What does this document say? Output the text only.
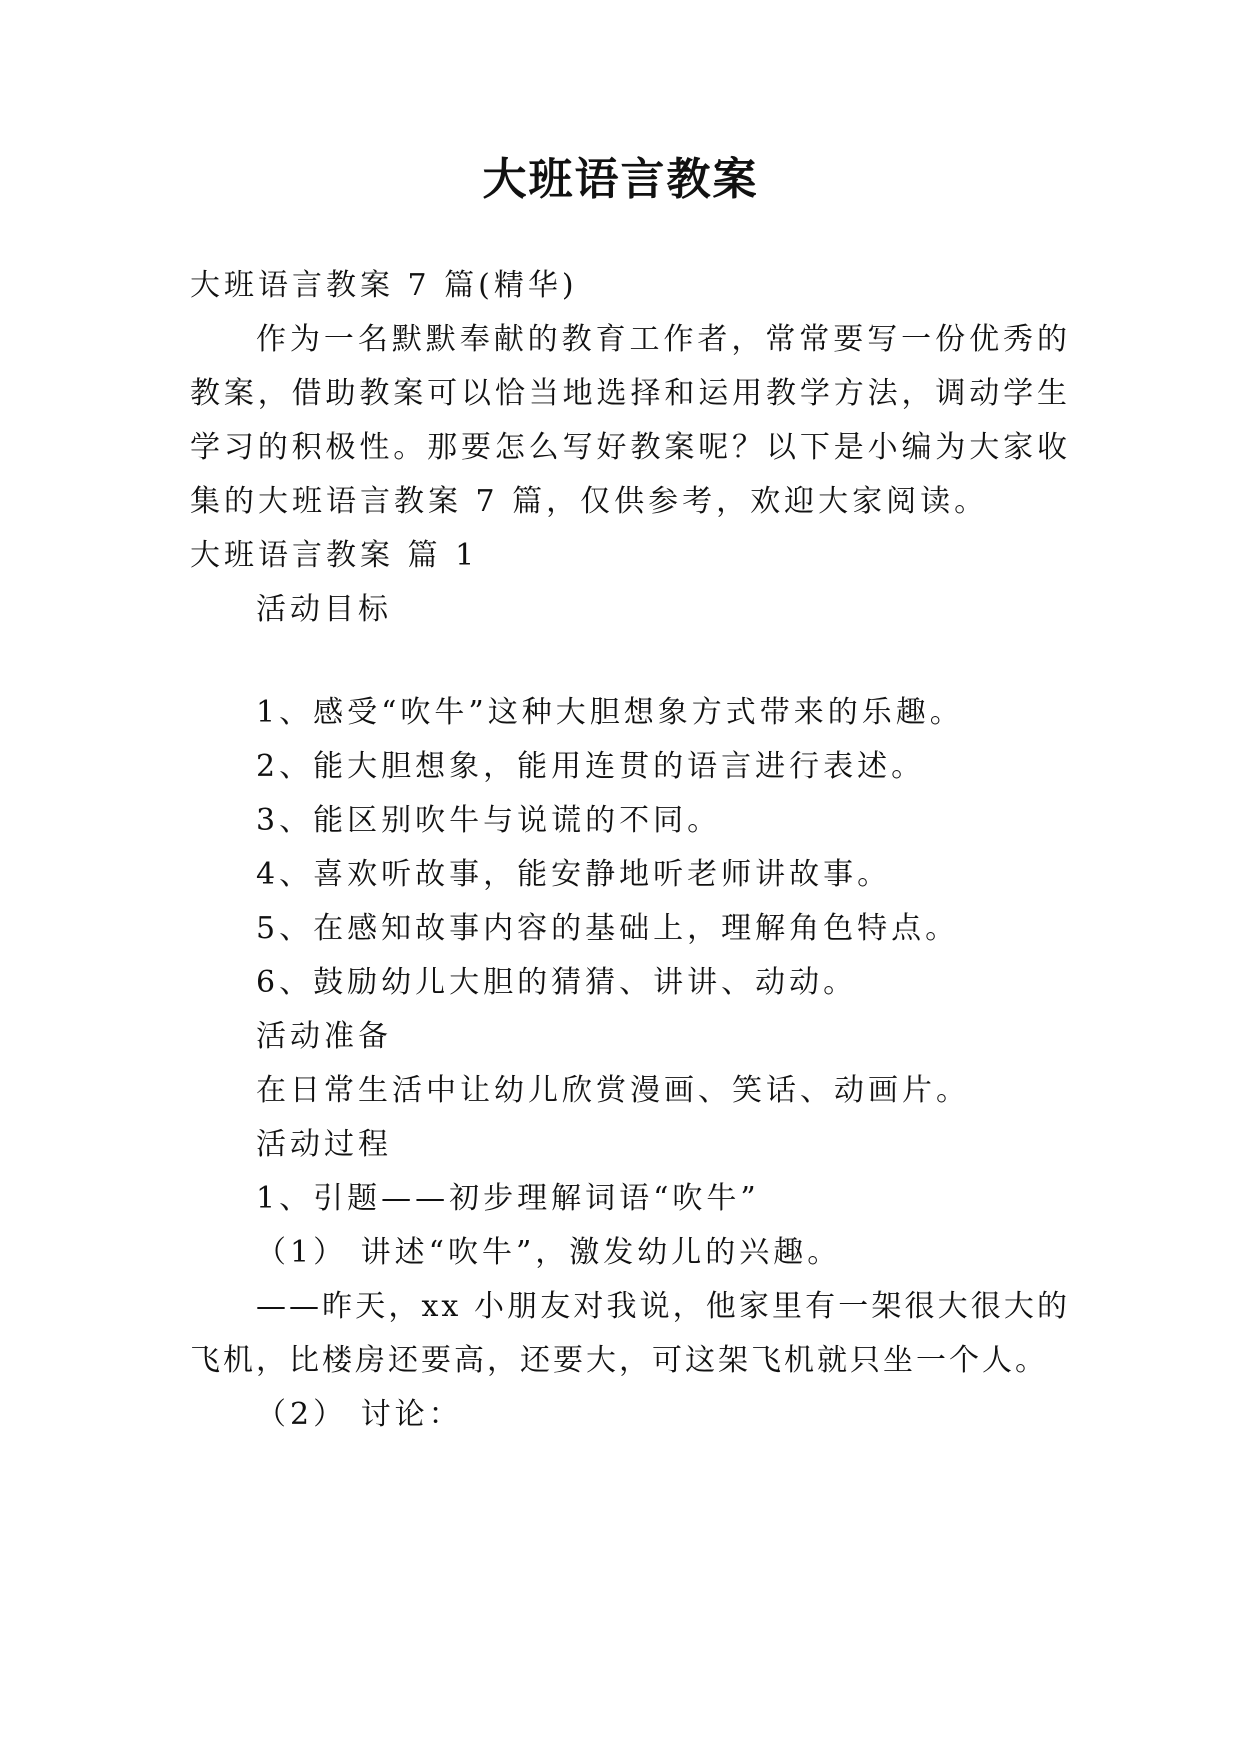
大班语言教案
大班语言教案 7 篇(精华)
作为一名默默奉献的教育工作者，常常要写一份优秀的
教案，借助教案可以恰当地选择和运用教学方法，调动学生
学习的积极性。那要怎么写好教案呢？以下是小编为大家收
集的大班语言教案 7 篇，仅供参考，欢迎大家阅读。
大班语言教案 篇 1
活动目标
1、感受“吹牛”这种大胆想象方式带来的乐趣。
2、能大胆想象，能用连贯的语言进行表述。
3、能区别吹牛与说谎的不同。
4、喜欢听故事，能安静地听老师讲故事。
5、在感知故事内容的基础上，理解角色特点。
6、鼓励幼儿大胆的猜猜、讲讲、动动。
活动准备
在日常生活中让幼儿欣赏漫画、笑话、动画片。
活动过程
1、引题——初步理解词语“吹牛”
（1） 讲述“吹牛”，激发幼儿的兴趣。
——昨天，xx 小朋友对我说，他家里有一架很大很大的
飞机，比楼房还要高，还要大，可这架飞机就只坐一个人。
（2） 讨论：
